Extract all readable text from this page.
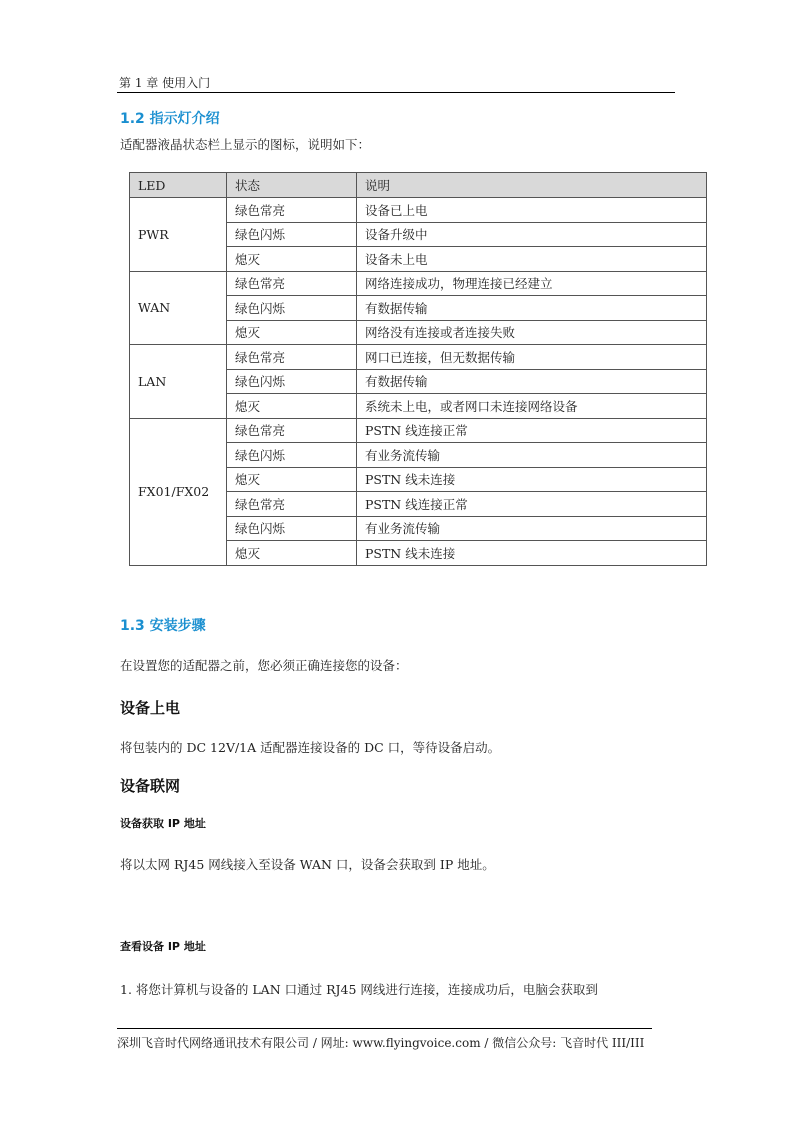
第 1 章 使用入门
1.2 指示灯介绍
适配器液晶状态栏上显示的图标，说明如下：
LED	状态	说明
PWR	绿色常亮	设备已上电
	绿色闪烁	设备升级中
	熄灭	设备未上电
WAN	绿色常亮	网络连接成功，物理连接已经建立
	绿色闪烁	有数据传输
	熄灭	网络没有连接或者连接失败
LAN	绿色常亮	网口已连接，但无数据传输
	绿色闪烁	有数据传输
	熄灭	系统未上电，或者网口未连接网络设备
FX01/FX02	绿色常亮	PSTN 线连接正常
	绿色闪烁	有业务流传输
	熄灭	PSTN 线未连接
	绿色常亮	PSTN 线连接正常
	绿色闪烁	有业务流传输
	熄灭	PSTN 线未连接
1.3 安装步骤
在设置您的适配器之前，您必须正确连接您的设备：
设备上电
将包装内的 DC 12V/1A 适配器连接设备的 DC 口，等待设备启动。
设备联网
设备获取 IP 地址
将以太网 RJ45 网线接入至设备 WAN 口，设备会获取到 IP 地址。
查看设备 IP 地址
1. 将您计算机与设备的 LAN 口通过 RJ45 网线进行连接，连接成功后，电脑会获取到
深圳飞音时代网络通讯技术有限公司 / 网址: www.flyingvoice.com / 微信公众号: 飞音时代 III/III
